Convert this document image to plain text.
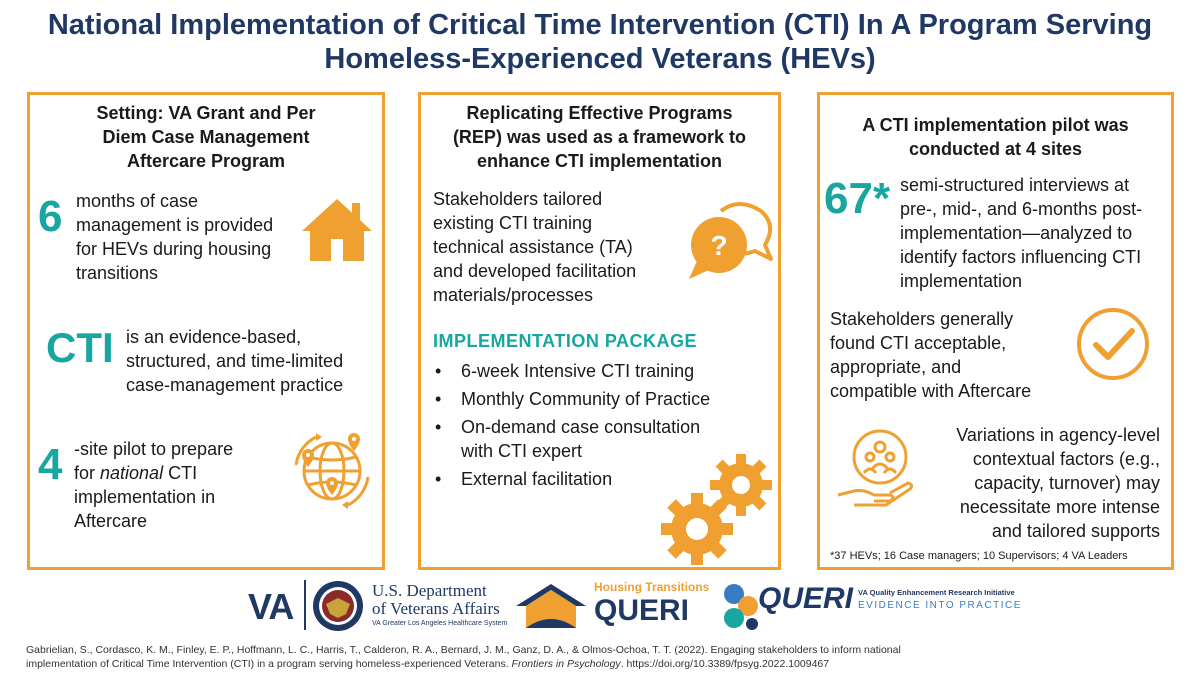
National Implementation of Critical Time Intervention (CTI) In A Program Serving
Homeless-Experienced Veterans (HEVs)
Setting: VA Grant and Per
Diem Case Management
Aftercare Program
6 months of case
management is provided
for HEVs during housing
transitions
CTI is an evidence-based,
structured, and time-limited
case-management practice
4 -site pilot to prepare
for national CTI
implementation in
Aftercare
Replicating Effective Programs
(REP) was used as a framework to
enhance CTI implementation
Stakeholders tailored
existing CTI training
technical assistance (TA)
and developed facilitation
materials/processes
?
IMPLEMENTATION PACKAGE
• 6-week Intensive CTI training
• Monthly Community of Practice
• On-demand case consultation
with CTI expert
• External facilitation
A CTI implementation pilot was
conducted at 4 sites
67* semi-structured interviews at
pre-, mid-, and 6-months post-
implementation—analyzed to
identify factors influencing CTI
implementation
Stakeholders generally
found CTI acceptable,
appropriate, and
compatible with Aftercare
Variations in agency-level
contextual factors (e.g.,
capacity, turnover) may
necessitate more intense
and tailored supports
*37 HEVs; 16 Case managers; 10 Supervisors; 4 VA Leaders
VA	U.S. Department
of Veterans Affairs
VA Greater Los Angeles Healthcare System
Housing Transitions
QUERI QUERI VA Quality Enhancement Research Initiative
EVIDENCE INTO PRACTICE
Gabrielian, S., Cordasco, K. M., Finley, E. P., Hoffmann, L. C., Harris, T., Calderon, R. A., Bernard, J. M., Ganz, D. A., & Olmos-Ochoa, T. T. (2022). Engaging stakeholders to inform national
implementation of Critical Time Intervention (CTI) in a program serving homeless-experienced Veterans. Frontiers in Psychology. https://doi.org/10.3389/fpsyg.2022.1009467
